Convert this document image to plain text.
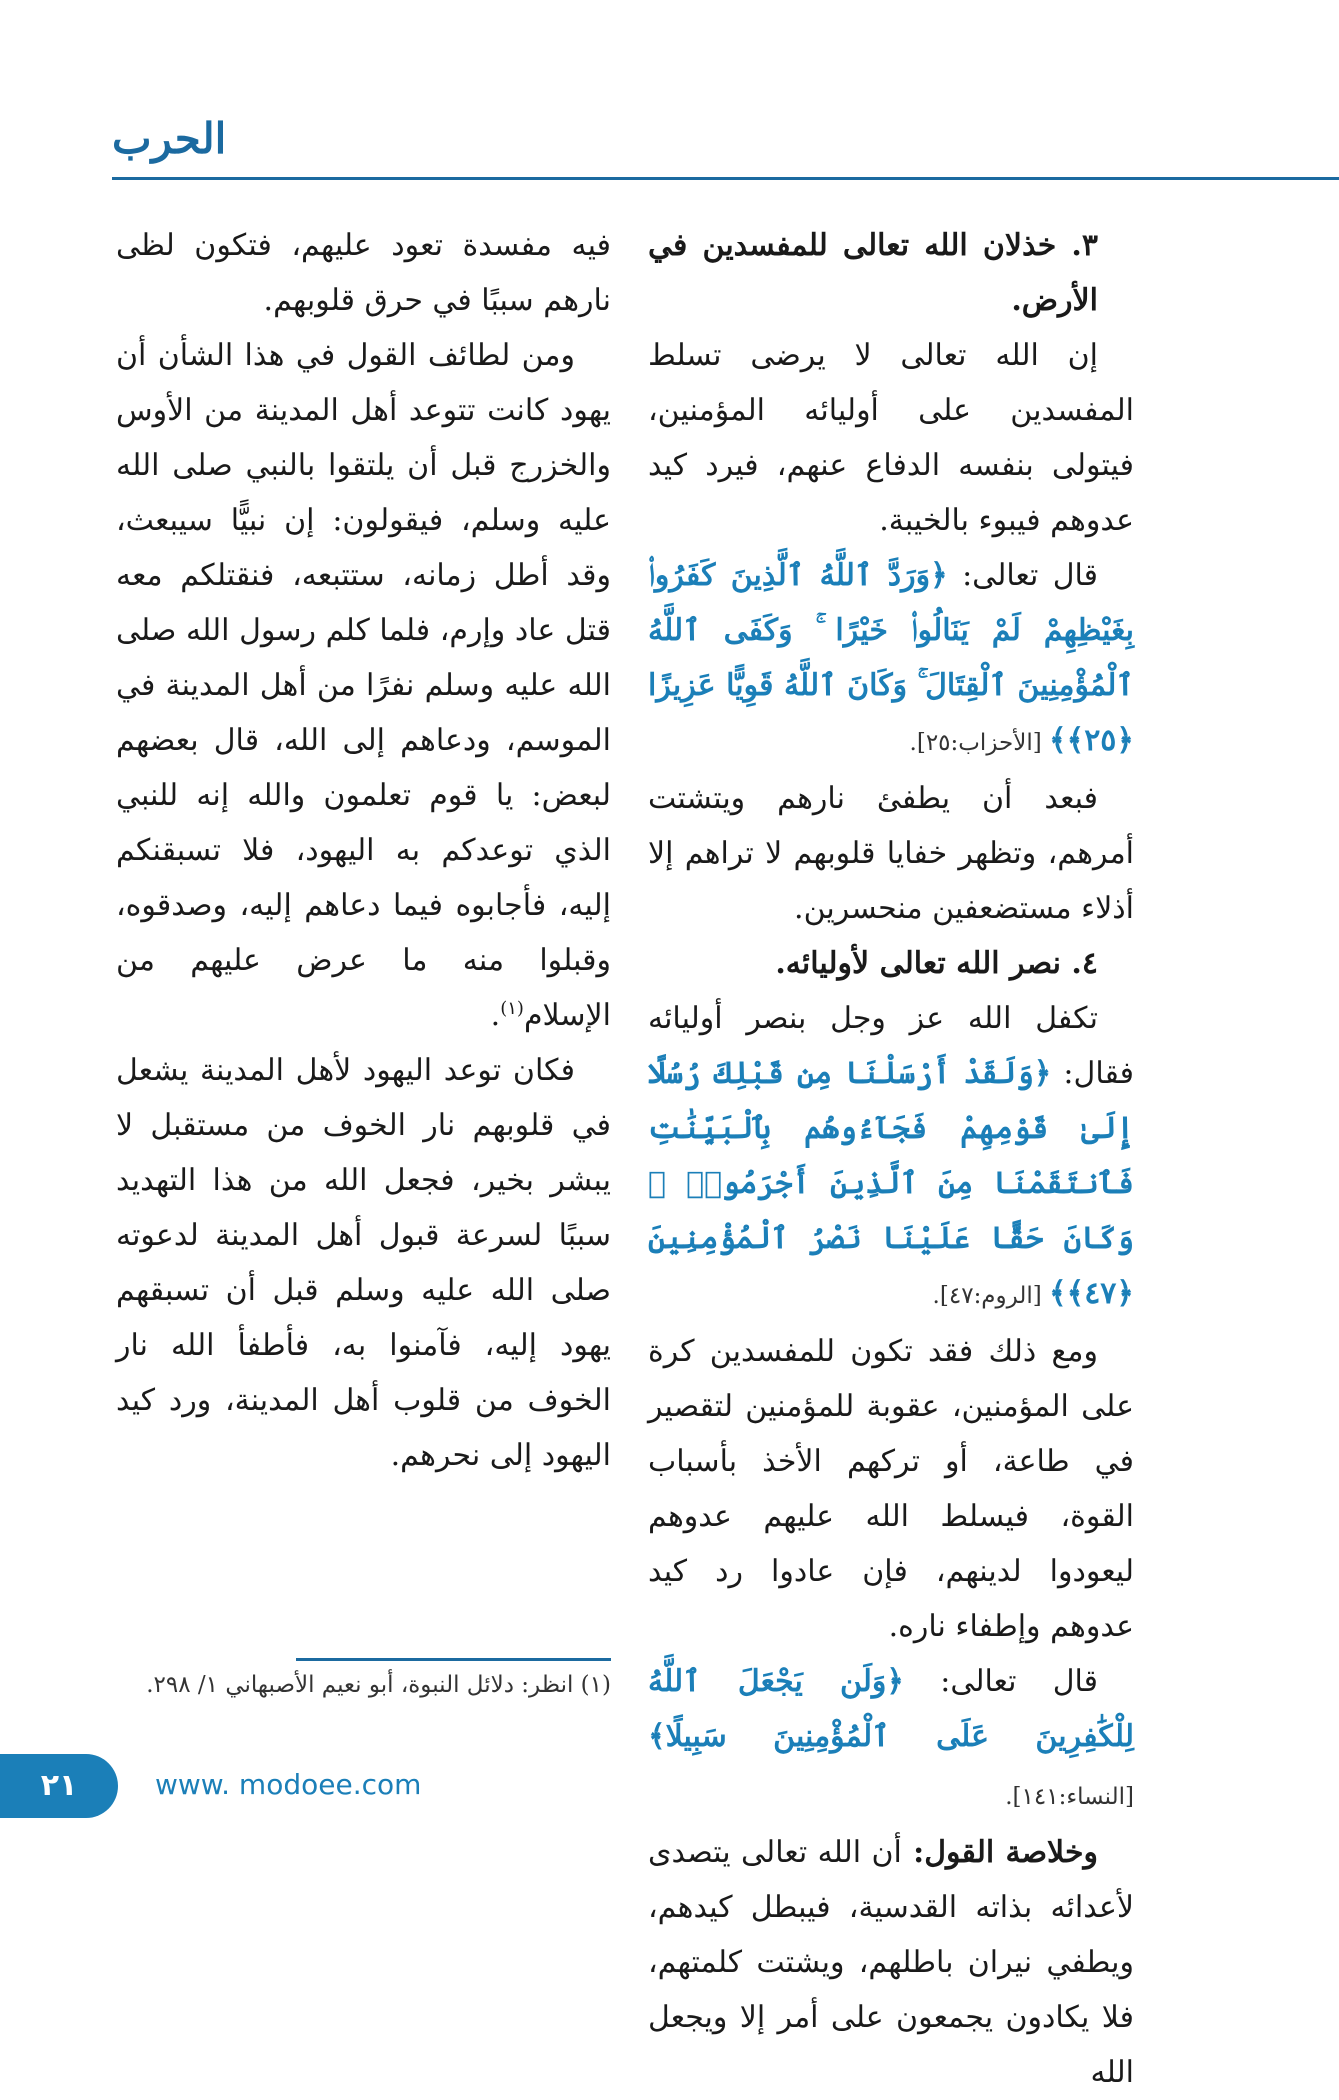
الحرب

٣. خذلان الله تعالى للمفسدين في الأرض.

إن الله تعالى لا يرضى تسلط المفسدين على أوليائه المؤمنين، فيتولى بنفسه الدفاع عنهم، فيرد كيد عدوهم فيبوء بالخيبة.

قال تعالى: ﴿وَرَدَّ ٱللَّهُ ٱلَّذِينَ كَفَرُوا۟ بِغَيْظِهِمْ لَمْ يَنَالُوا۟ خَيْرًا ۚ وَكَفَى ٱللَّهُ ٱلْمُؤْمِنِينَ ٱلْقِتَالَ ۚ وَكَانَ ٱللَّهُ قَوِيًّا عَزِيزًا ﴿٢٥﴾﴾ [الأحزاب:٢٥].

فبعد أن يطفئ نارهم ويتشتت أمرهم، وتظهر خفايا قلوبهم لا تراهم إلا أذلاء مستضعفين منحسرين.

٤. نصر الله تعالى لأوليائه.

تكفل الله عز وجل بنصر أوليائه فقال: ﴿وَلَقَدْ أَرْسَلْنَا مِن قَبْلِكَ رُسُلًا إِلَىٰ قَوْمِهِمْ فَجَآءُوهُم بِٱلْبَيِّنَٰتِ فَٱنتَقَمْنَا مِنَ ٱلَّذِينَ أَجْرَمُوا۟ ۖ وَكَانَ حَقًّا عَلَيْنَا نَصْرُ ٱلْمُؤْمِنِينَ ﴿٤٧﴾﴾ [الروم:٤٧].

ومع ذلك فقد تكون للمفسدين كرة على المؤمنين، عقوبة للمؤمنين لتقصير في طاعة، أو تركهم الأخذ بأسباب القوة، فيسلط الله عليهم عدوهم ليعودوا لدينهم، فإن عادوا رد كيد عدوهم وإطفاء ناره.

قال تعالى: ﴿وَلَن يَجْعَلَ ٱللَّهُ لِلْكَٰفِرِينَ عَلَى ٱلْمُؤْمِنِينَ سَبِيلًا﴾ [النساء:١٤١].

وخلاصة القول: أن الله تعالى يتصدى لأعدائه بذاته القدسية، فيبطل كيدهم، ويطفي نيران باطلهم، ويشتت كلمتهم، فلا يكادون يجمعون على أمر إلا ويجعل الله

فيه مفسدة تعود عليهم، فتكون لظى نارهم سببًا في حرق قلوبهم.

ومن لطائف القول في هذا الشأن أن يهود كانت تتوعد أهل المدينة من الأوس والخزرج قبل أن يلتقوا بالنبي صلى الله عليه وسلم، فيقولون: إن نبيًّا سيبعث، وقد أطل زمانه، ستتبعه، فنقتلكم معه قتل عاد وإرم، فلما كلم رسول الله صلى الله عليه وسلم نفرًا من أهل المدينة في الموسم، ودعاهم إلى الله، قال بعضهم لبعض: يا قوم تعلمون والله إنه للنبي الذي توعدكم به اليهود، فلا تسبقنكم إليه، فأجابوه فيما دعاهم إليه، وصدقوه، وقبلوا منه ما عرض عليهم من الإسلام$^{(١)}$.

فكان توعد اليهود لأهل المدينة يشعل في قلوبهم نار الخوف من مستقبل لا يبشر بخير، فجعل الله من هذا التهديد سببًا لسرعة قبول أهل المدينة لدعوته صلى الله عليه وسلم قبل أن تسبقهم يهود إليه، فآمنوا به، فأطفأ الله نار الخوف من قلوب أهل المدينة، ورد كيد اليهود إلى نحرهم.

(١) انظر: دلائل النبوة، أبو نعيم الأصبهاني ١/ ٢٩٨.
٢١	www. modoee.com
